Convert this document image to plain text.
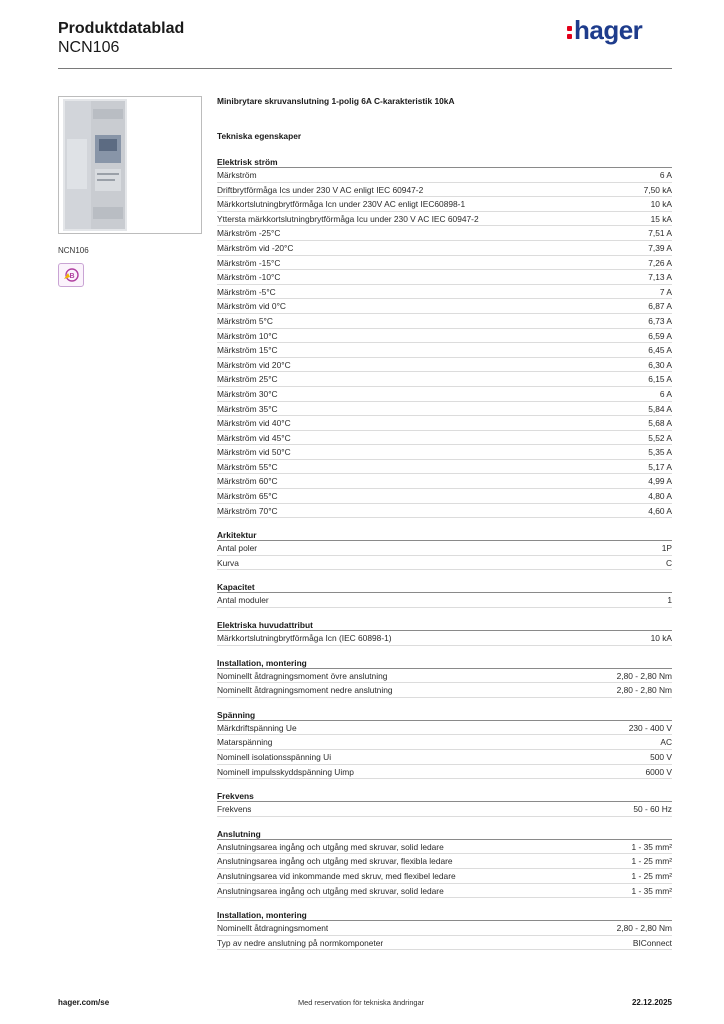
Produktdatablad
NCN106
hager
NCN106
B
Minibrytare skruvanslutning 1-polig 6A C-karakteristik 10kA
Tekniska egenskaper
Elektrisk ström
Märkström	6 A
Driftbrytförmåga Ics under 230 V AC enligt IEC 60947-2	7,50 kA
Märkkortslutningbrytförmåga Icn under 230V AC enligt IEC60898-1	10 kA
Yttersta märkkortslutningbrytförmåga Icu under 230 V AC IEC 60947-2	15 kA
Märkström -25°C	7,51 A
Märkström vid -20°C	7,39 A
Märkström -15°C	7,26 A
Märkström -10°C	7,13 A
Märkström -5°C	7 A
Märkström vid 0°C	6,87 A
Märkström 5°C	6,73 A
Märkström 10°C	6,59 A
Märkström 15°C	6,45 A
Märkström vid 20°C	6,30 A
Märkström 25°C	6,15 A
Märkström 30°C	6 A
Märkström 35°C	5,84 A
Märkström vid 40°C	5,68 A
Märkström vid 45°C	5,52 A
Märkström vid 50°C	5,35 A
Märkström 55°C	5,17 A
Märkström 60°C	4,99 A
Märkström 65°C	4,80 A
Märkström 70°C	4,60 A
Arkitektur
Antal poler	1P
Kurva	C
Kapacitet
Antal moduler	1
Elektriska huvudattribut
Märkkortslutningbrytförmåga Icn (IEC 60898-1)	10 kA
Installation, montering
Nominellt åtdragningsmoment övre anslutning	2,80 - 2,80 Nm
Nominellt åtdragningsmoment nedre anslutning	2,80 - 2,80 Nm
Spänning
Märkdriftspänning Ue	230 - 400 V
Matarspänning	AC
Nominell isolationsspänning Ui	500 V
Nominell impulsskyddspänning Uimp	6000 V
Frekvens
Frekvens	50 - 60 Hz
Anslutning
Anslutningsarea ingång och utgång med skruvar, solid ledare	1 - 35 mm²
Anslutningsarea ingång och utgång med skruvar, flexibla ledare	1 - 25 mm²
Anslutningsarea vid inkommande med skruv, med flexibel ledare	1 - 25 mm²
Anslutningsarea ingång och utgång med skruvar, solid ledare	1 - 35 mm²
Installation, montering
Nominellt åtdragningsmoment	2,80 - 2,80 Nm
Typ av nedre anslutning på normkomponeter	BIConnect
hager.com/se	Med reservation för tekniska ändringar	22.12.2025
